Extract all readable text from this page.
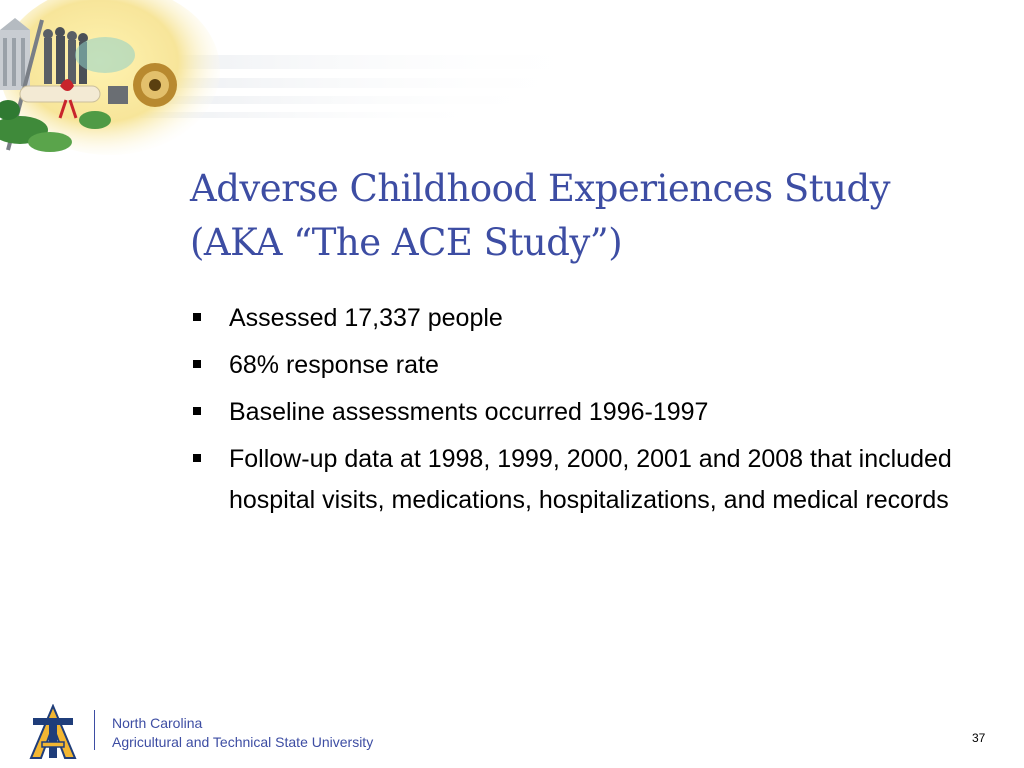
Adverse Childhood Experiences Study
(AKA “The ACE Study”)
Assessed 17,337 people
68% response rate
Baseline assessments occurred 1996-1997
Follow-up data at 1998, 1999, 2000, 2001 and 2008 that included hospital visits, medications, hospitalizations, and medical records
North Carolina
Agricultural and Technical State University	37
